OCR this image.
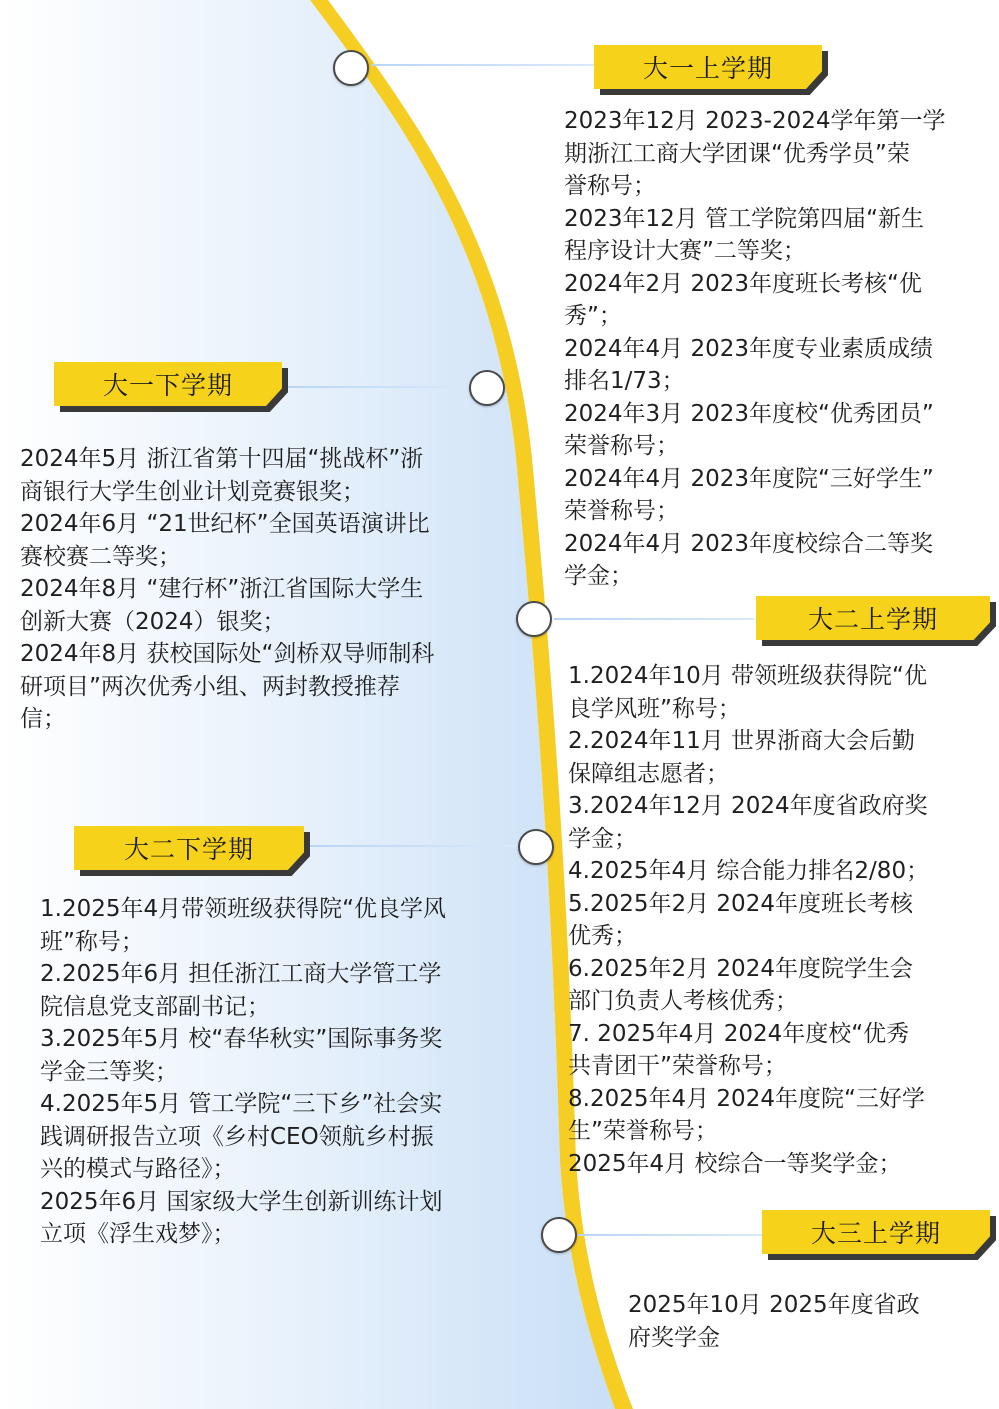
大一上学期
大一下学期
大二上学期
大二下学期
大三上学期
2023年12月 2023-2024学年第一学
期浙江工商大学团课“优秀学员”荣
誉称号；
2023年12月 管工学院第四届“新生
程序设计大赛”二等奖；
2024年2月 2023年度班长考核“优
秀”；
2024年4月 2023年度专业素质成绩
排名1/73；
2024年3月 2023年度校“优秀团员”
荣誉称号；
2024年4月 2023年度院“三好学生”
荣誉称号；
2024年4月 2023年度校综合二等奖
学金；
2024年5月 浙江省第十四届“挑战杯”浙
商银行大学生创业计划竞赛银奖；
2024年6月 “21世纪杯”全国英语演讲比
赛校赛二等奖；
2024年8月 “建行杯”浙江省国际大学生
创新大赛（2024）银奖；
2024年8月 获校国际处“剑桥双导师制科
研项目”两次优秀小组、两封教授推荐
信；
1.2024年10月 带领班级获得院“优
良学风班”称号；
2.2024年11月 世界浙商大会后勤
保障组志愿者；
3.2024年12月 2024年度省政府奖
学金；
4.2025年4月 综合能力排名2/80；
5.2025年2月 2024年度班长考核
优秀；
6.2025年2月 2024年度院学生会
部门负责人考核优秀；
7. 2025年4月 2024年度校“优秀
共青团干”荣誉称号；
8.2025年4月 2024年度院“三好学
生”荣誉称号；
2025年4月 校综合一等奖学金；
1.2025年4月带领班级获得院“优良学风
班”称号；
2.2025年6月 担任浙江工商大学管工学
院信息党支部副书记；
3.2025年5月 校“春华秋实”国际事务奖
学金三等奖；
4.2025年5月 管工学院“三下乡”社会实
践调研报告立项《乡村CEO领航乡村振
兴的模式与路径》；
2025年6月 国家级大学生创新训练计划
立项《浮生戏梦》；
2025年10月 2025年度省政
府奖学金
